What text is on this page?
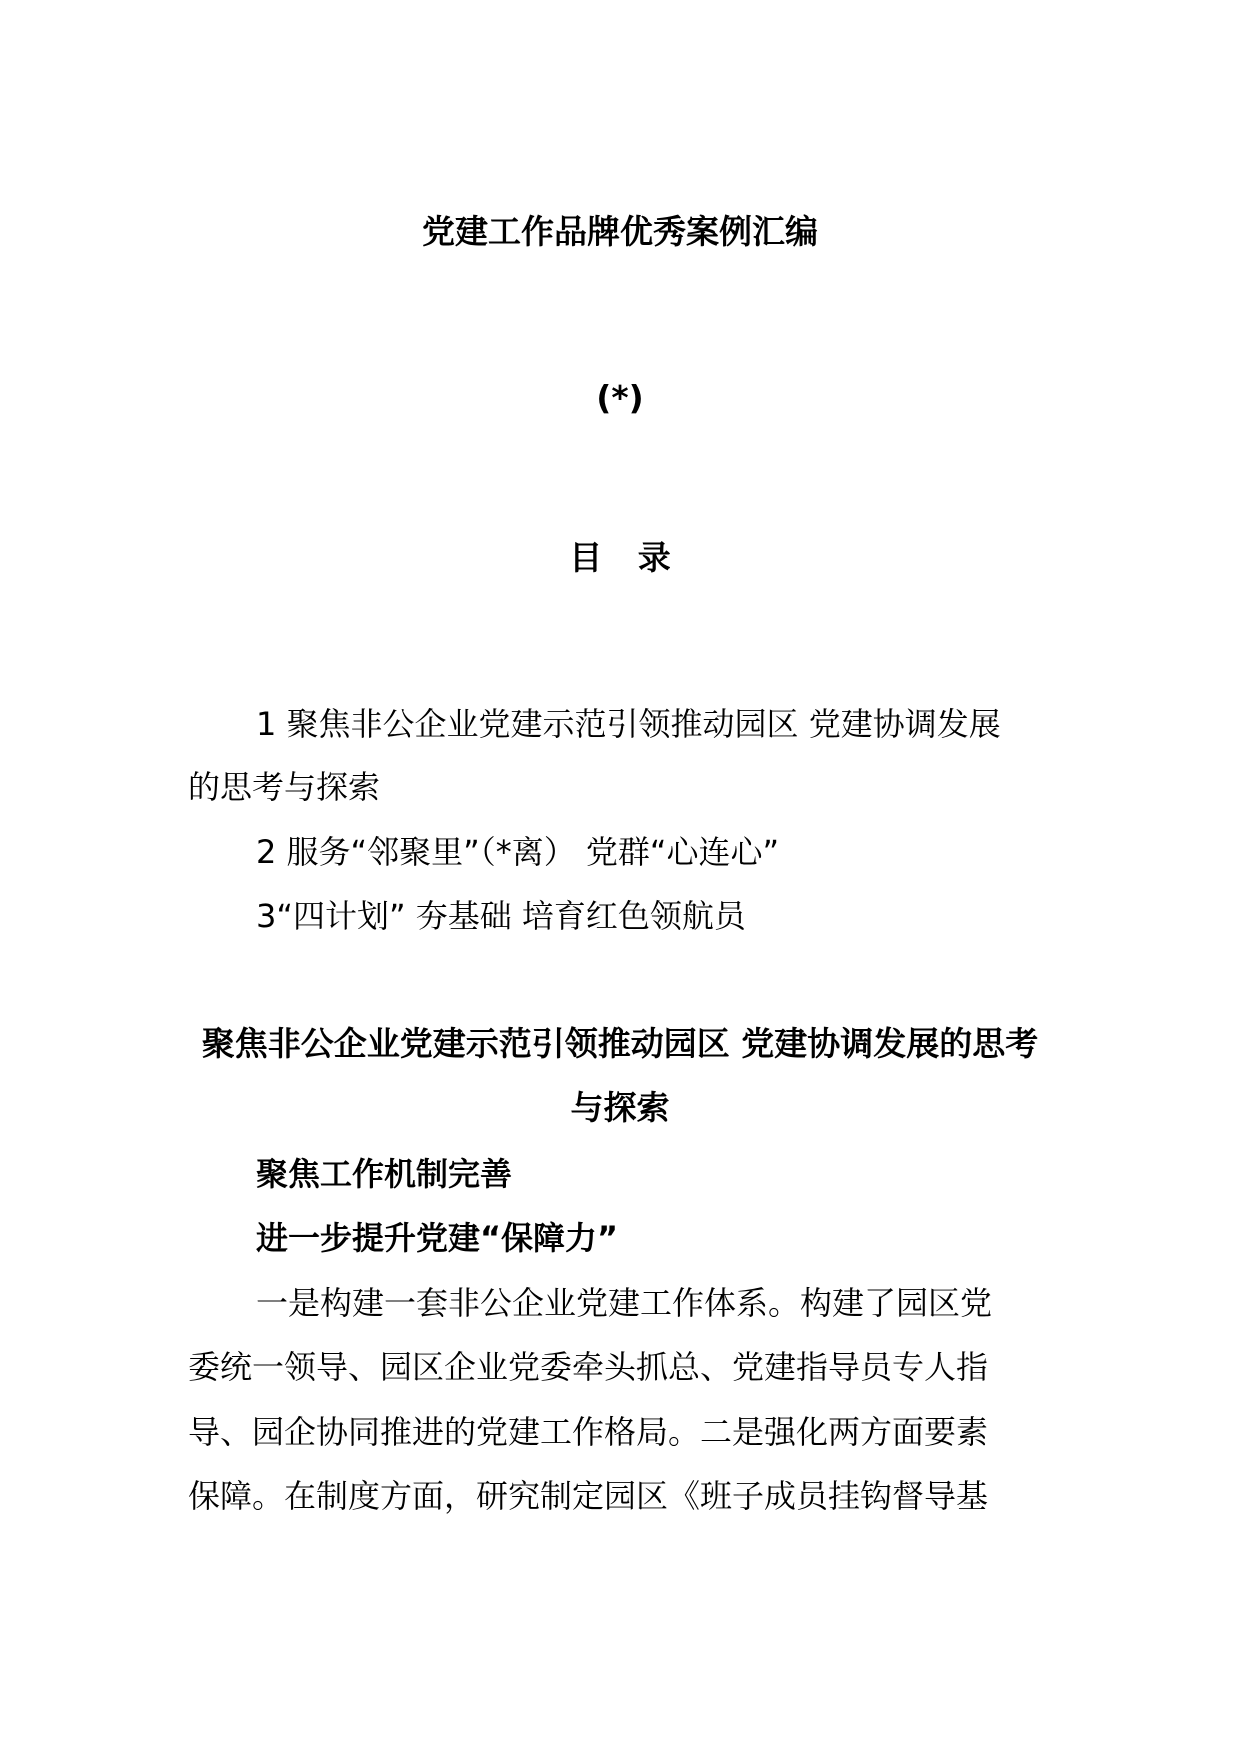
党建工作品牌优秀案例汇编
(*)
目 录
1 聚焦非公企业党建示范引领推动园区 党建协调发展
的思考与探索
2 服务“邻聚里”（*离） 党群“心连心”
3“四计划” 夯基础 培育红色领航员
聚焦非公企业党建示范引领推动园区 党建协调发展的思考
与探索
聚焦工作机制完善
进一步提升党建“保障力”
一是构建一套非公企业党建工作体系。构建了园区党
委统一领导、园区企业党委牵头抓总、党建指导员专人指
导、园企协同推进的党建工作格局。二是强化两方面要素
保障。在制度方面，研究制定园区《班子成员挂钩督导基
